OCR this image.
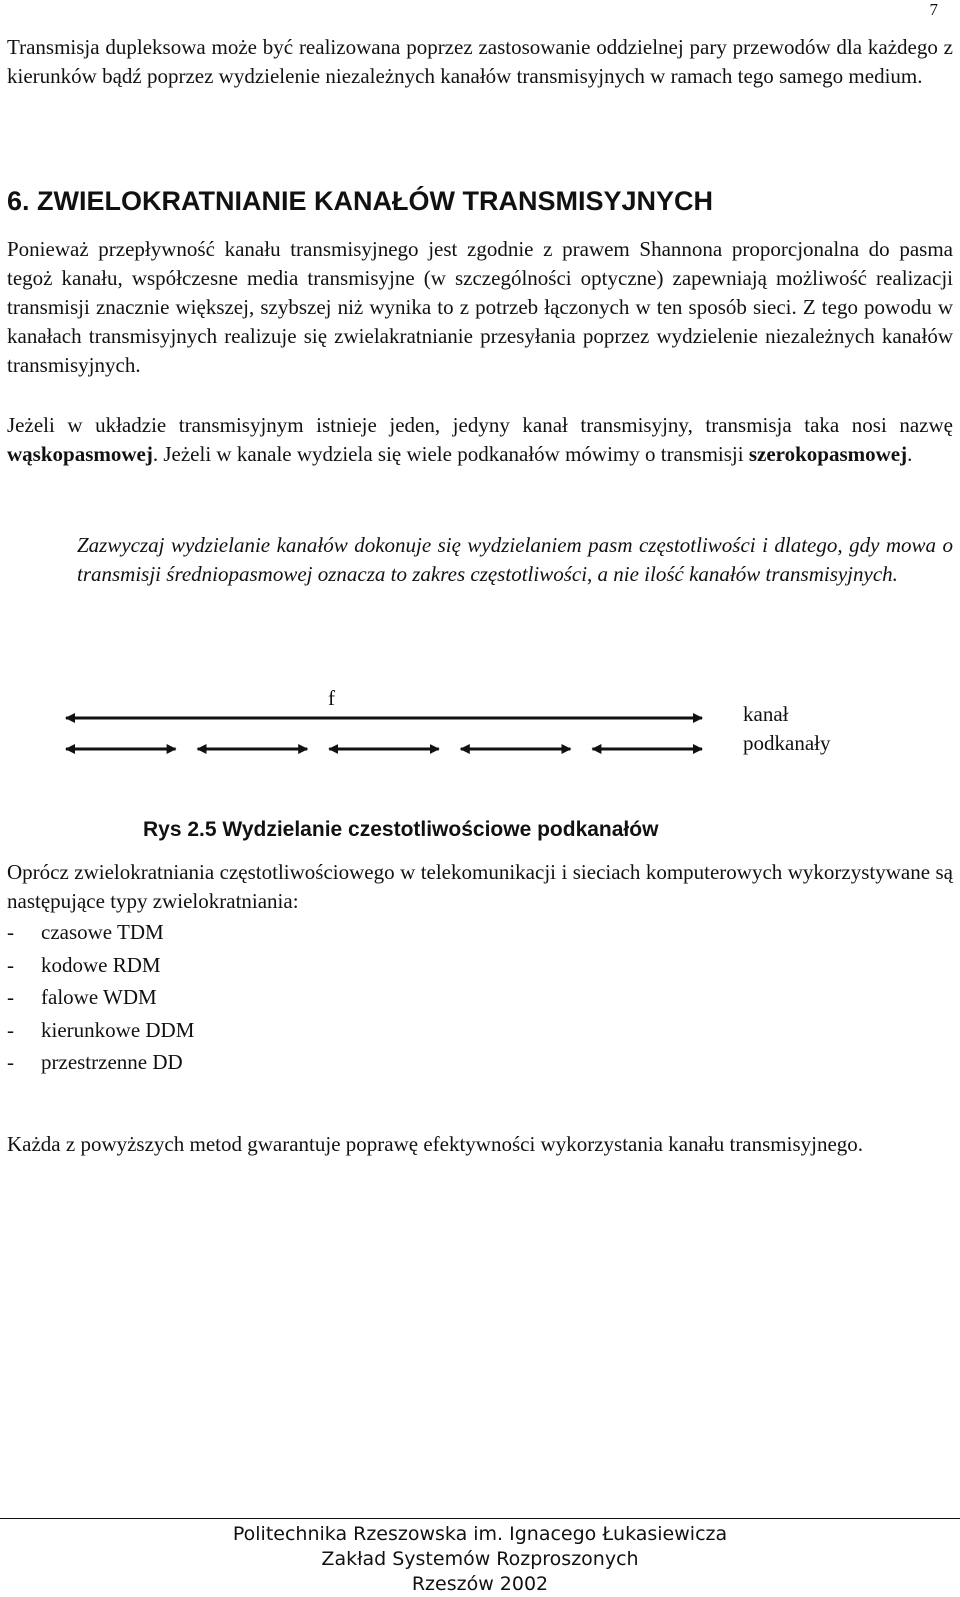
7

Transmisja dupleksowa może być realizowana poprzez zastosowanie oddzielnej pary przewodów dla każdego z kierunków bądź poprzez wydzielenie niezależnych kanałów transmisyjnych w ramach tego samego medium.

6. ZWIELOKRATNIANIE KANAŁÓW TRANSMISYJNYCH

Ponieważ przepływność kanału transmisyjnego jest zgodnie z prawem Shannona proporcjonalna do pasma tegoż kanału, współczesne media transmisyjne (w szczególności optyczne) zapewniają możliwość realizacji transmisji znacznie większej, szybszej niż wynika to z potrzeb łączonych w ten sposób sieci. Z tego powodu w kanałach transmisyjnych realizuje się zwielakratnianie przesyłania poprzez wydzielenie niezależnych kanałów transmisyjnych.

Jeżeli w układzie transmisyjnym istnieje jeden, jedyny kanał transmisyjny, transmisja taka nosi nazwę wąskopasmowej. Jeżeli w kanale wydziela się wiele podkanałów mówimy o transmisji szerokopasmowej.

Zazwyczaj wydzielanie kanałów dokonuje się wydzielaniem pasm częstotliwości i dlatego, gdy mowa o transmisji średniopasmowej oznacza to zakres częstotliwości, a nie ilość kanałów transmisyjnych.

f
kanał
podkanały

Rys 2.5 Wydzielanie czestotliwościowe podkanałów

Oprócz zwielokratniania częstotliwościowego w telekomunikacji i sieciach komputerowych wykorzystywane są następujące typy zwielokratniania:

-	czasowe TDM
-	kodowe RDM
-	falowe WDM
-	kierunkowe DDM
-	przestrzenne DD

Każda z powyższych metod gwarantuje poprawę efektywności wykorzystania kanału transmisyjnego.

Politechnika Rzeszowska im. Ignacego Łukasiewicza
Zakład Systemów Rozproszonych
Rzeszów 2002
